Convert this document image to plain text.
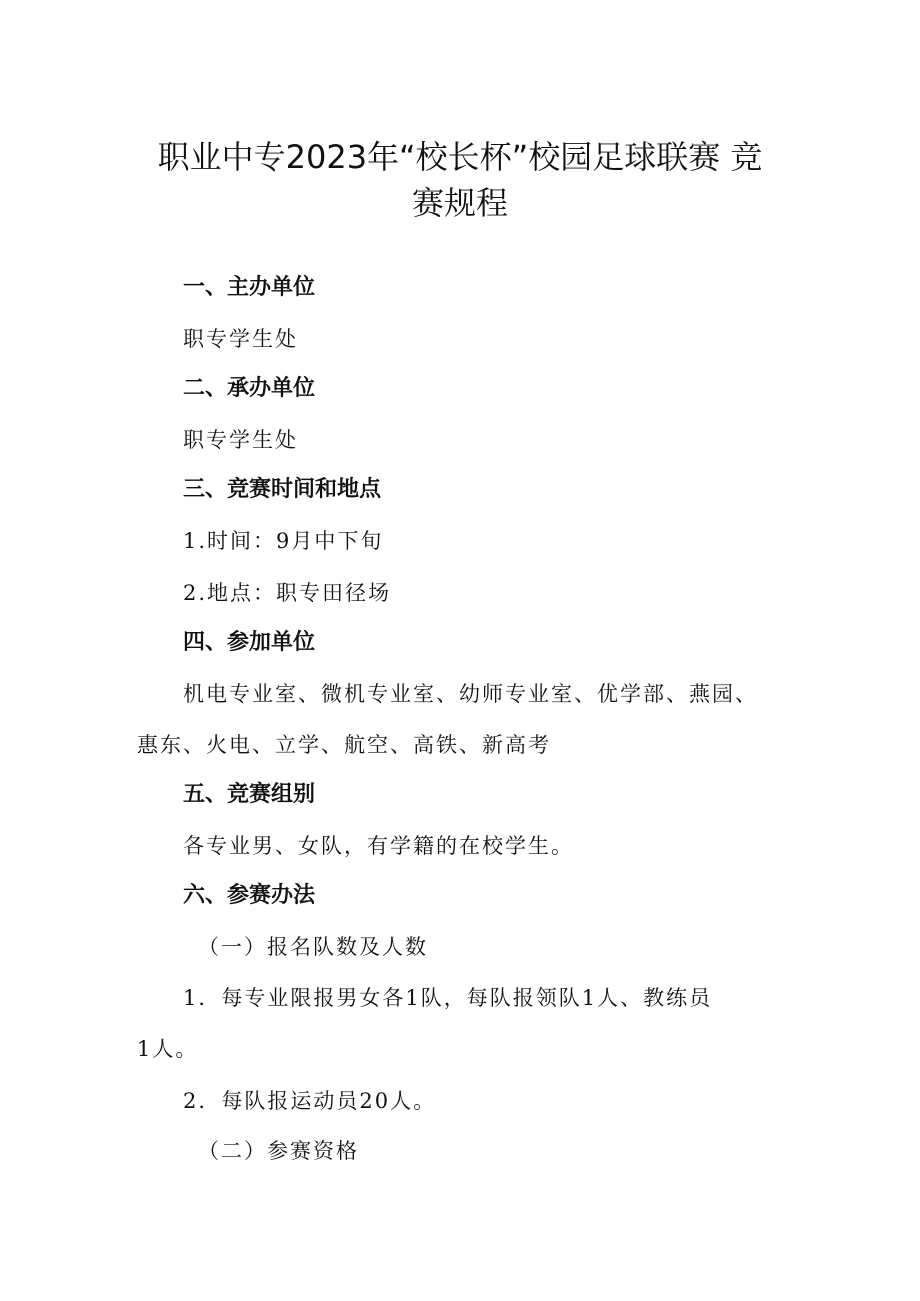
职业中专2023年“校长杯”校园足球联赛 竞
赛规程

一、主办单位

职专学生处

二、承办单位

职专学生处

三、竞赛时间和地点

1.时间：9月中下旬

2.地点：职专田径场

四、参加单位

机电专业室、微机专业室、幼师专业室、优学部、燕园、

惠东、火电、立学、航空、高铁、新高考

五、竞赛组别

各专业男、女队，有学籍的在校学生。

六、参赛办法

（一）报名队数及人数

1．每专业限报男女各1队，每队报领队1人、教练员

1人。

2．每队报运动员20人。

（二）参赛资格
